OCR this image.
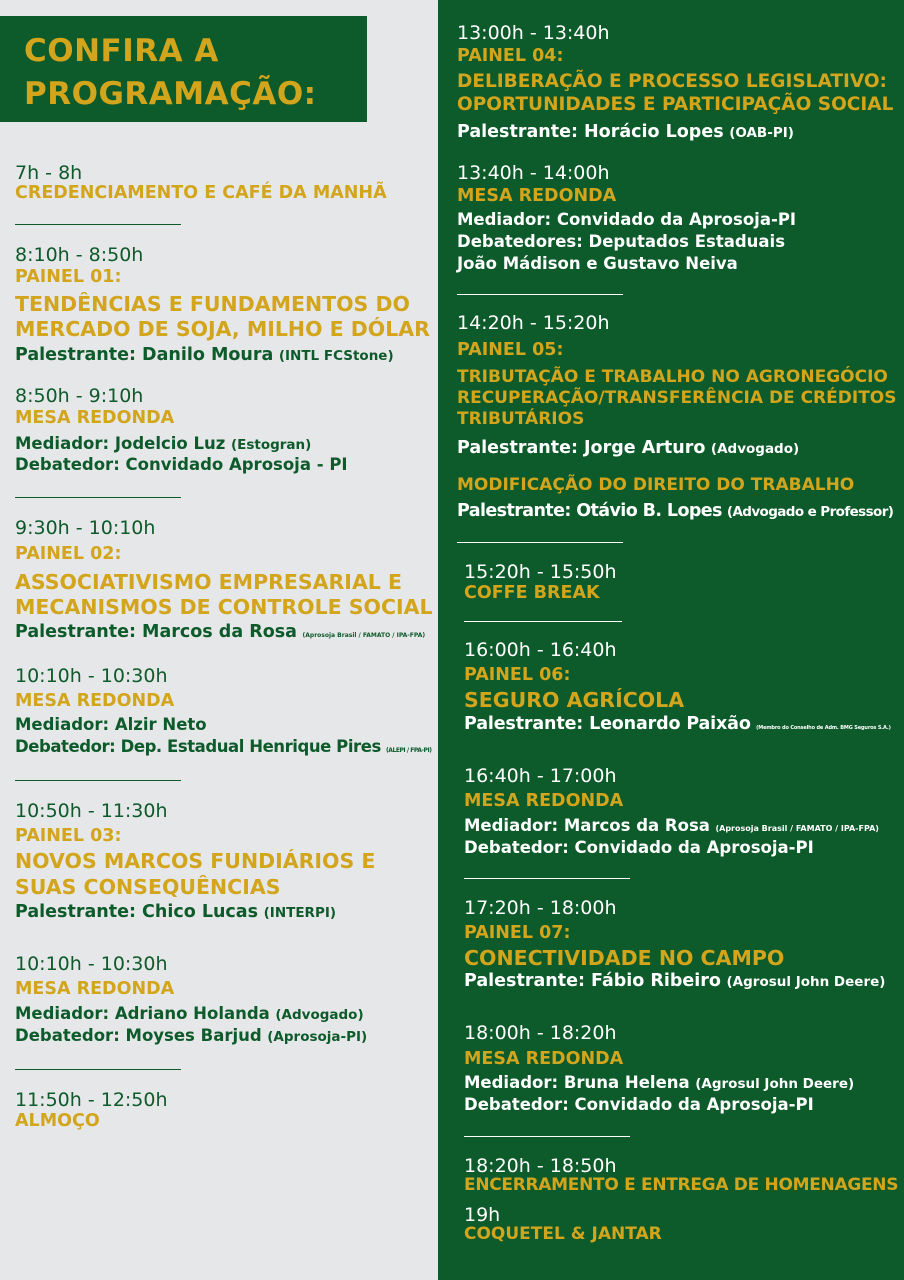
CONFIRA A
PROGRAMAÇÃO:
7h - 8h
CREDENCIAMENTO E CAFÉ DA MANHÃ
8:10h - 8:50h
PAINEL 01:
TENDÊNCIAS E FUNDAMENTOS DO
MERCADO DE SOJA, MILHO E DÓLAR
Palestrante: Danilo Moura (INTL FCStone)
8:50h - 9:10h
MESA REDONDA
Mediador: Jodelcio Luz (Estogran)
Debatedor: Convidado Aprosoja - PI
9:30h - 10:10h
PAINEL 02:
ASSOCIATIVISMO EMPRESARIAL E
MECANISMOS DE CONTROLE SOCIAL
Palestrante: Marcos da Rosa (Aprosoja Brasil / FAMATO / IPA-FPA)
10:10h - 10:30h
MESA REDONDA
Mediador: Alzir Neto
Debatedor: Dep. Estadual Henrique Pires (ALEPI / FPA-PI)
10:50h - 11:30h
PAINEL 03:
NOVOS MARCOS FUNDIÁRIOS E
SUAS CONSEQUÊNCIAS
Palestrante: Chico Lucas (INTERPI)
10:10h - 10:30h
MESA REDONDA
Mediador: Adriano Holanda (Advogado)
Debatedor: Moyses Barjud (Aprosoja-PI)
11:50h - 12:50h
ALMOÇO
13:00h - 13:40h
PAINEL 04:
DELIBERAÇÃO E PROCESSO LEGISLATIVO:
OPORTUNIDADES E PARTICIPAÇÃO SOCIAL
Palestrante: Horácio Lopes (OAB-PI)
13:40h - 14:00h
MESA REDONDA
Mediador: Convidado da Aprosoja-PI
Debatedores: Deputados Estaduais
João Mádison e Gustavo Neiva
14:20h - 15:20h
PAINEL 05:
TRIBUTAÇÃO E TRABALHO NO AGRONEGÓCIO
RECUPERAÇÃO/TRANSFERÊNCIA DE CRÉDITOS
TRIBUTÁRIOS
Palestrante: Jorge Arturo (Advogado)
MODIFICAÇÃO DO DIREITO DO TRABALHO
Palestrante: Otávio B. Lopes (Advogado e Professor)
15:20h - 15:50h
COFFE BREAK
16:00h - 16:40h
PAINEL 06:
SEGURO AGRÍCOLA
Palestrante: Leonardo Paixão (Membro do Conselho de Adm. BMG Seguros S.A.)
16:40h - 17:00h
MESA REDONDA
Mediador: Marcos da Rosa (Aprosoja Brasil / FAMATO / IPA-FPA)
Debatedor: Convidado da Aprosoja-PI
17:20h - 18:00h
PAINEL 07:
CONECTIVIDADE NO CAMPO
Palestrante: Fábio Ribeiro (Agrosul John Deere)
18:00h - 18:20h
MESA REDONDA
Mediador: Bruna Helena (Agrosul John Deere)
Debatedor: Convidado da Aprosoja-PI
18:20h - 18:50h
ENCERRAMENTO E ENTREGA DE HOMENAGENS
19h
COQUETEL & JANTAR
